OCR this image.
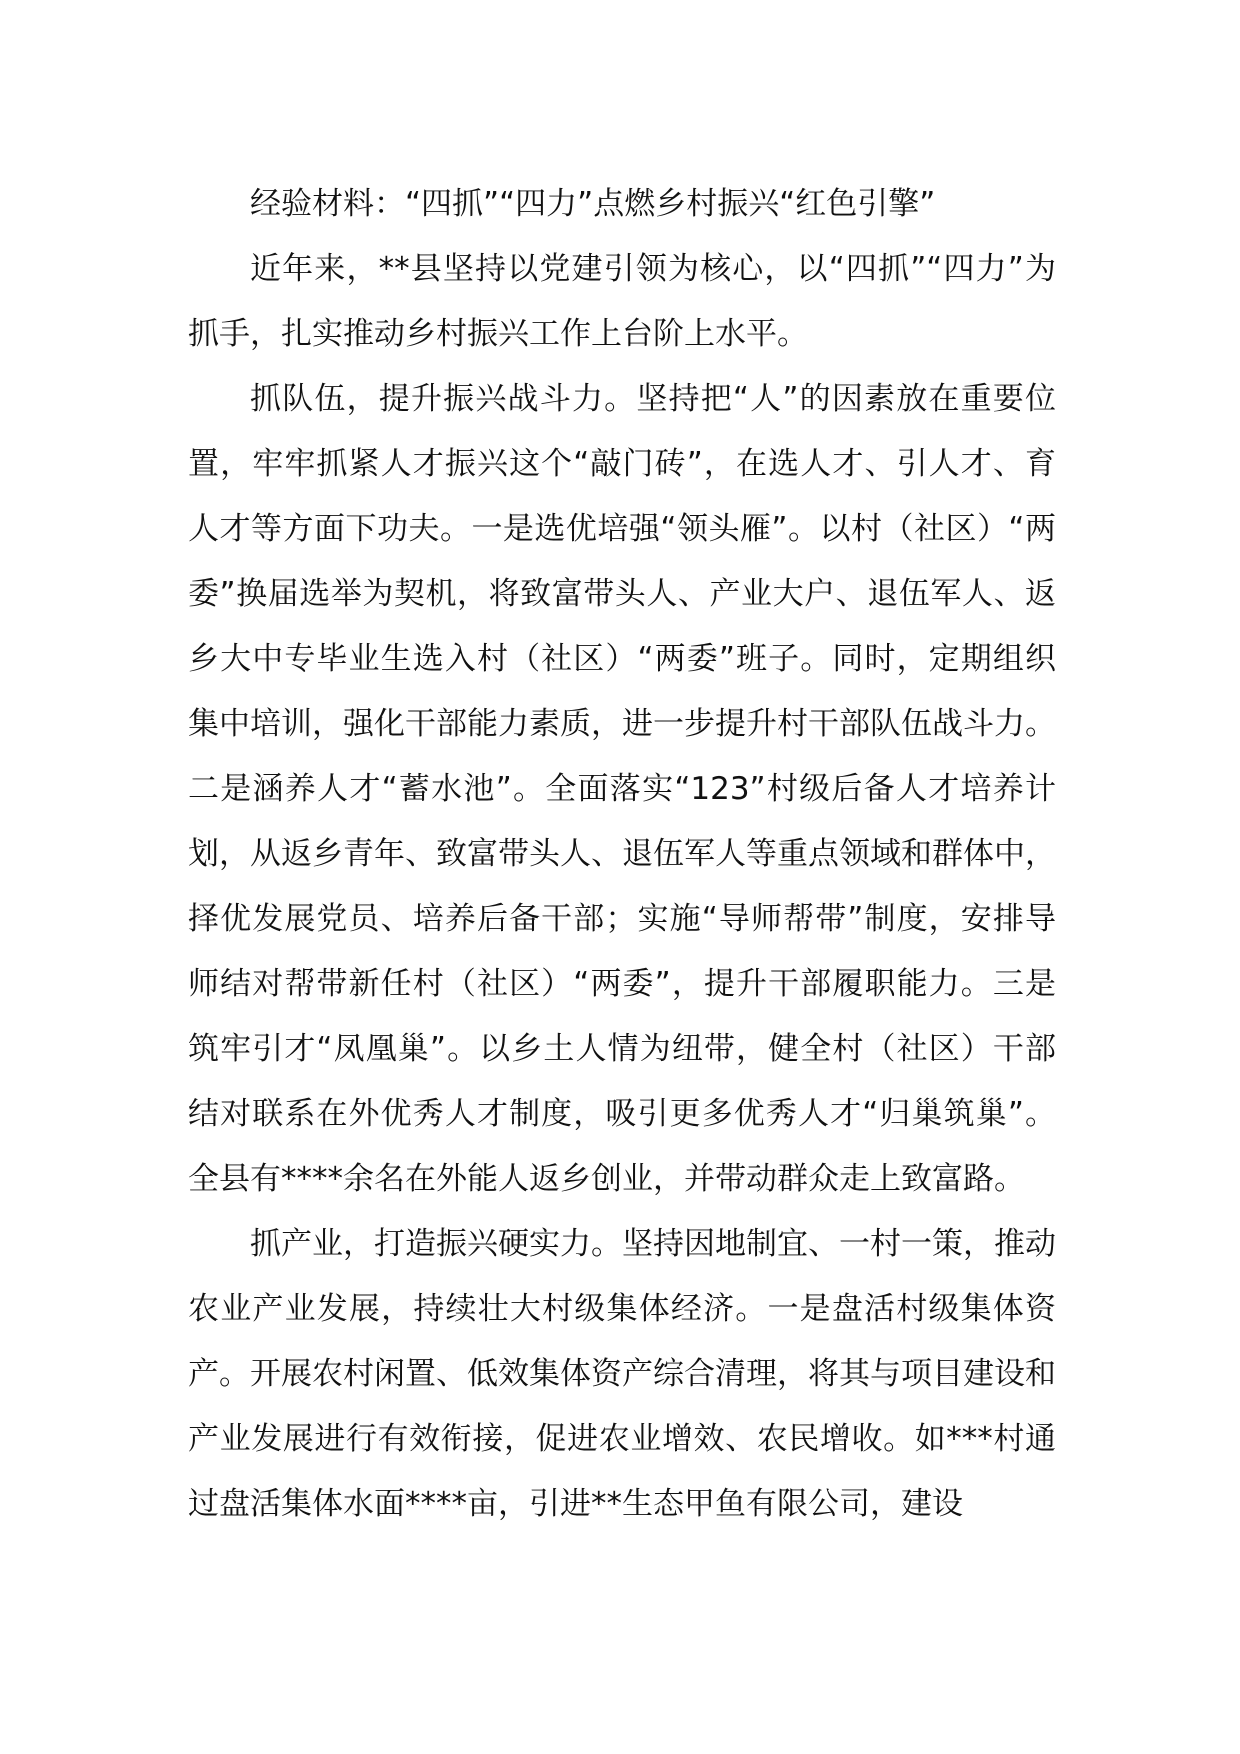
经验材料：“四抓”“四力”点燃乡村振兴“红色引擎”

近年来，**县坚持以党建引领为核心，以“四抓”“四力”为抓手，扎实推动乡村振兴工作上台阶上水平。

抓队伍，提升振兴战斗力。坚持把“人”的因素放在重要位置，牢牢抓紧人才振兴这个“敲门砖”，在选人才、引人才、育人才等方面下功夫。一是选优培强“领头雁”。以村（社区）“两委”换届选举为契机，将致富带头人、产业大户、退伍军人、返乡大中专毕业生选入村（社区）“两委”班子。同时，定期组织集中培训，强化干部能力素质，进一步提升村干部队伍战斗力。二是涵养人才“蓄水池”。全面落实“123”村级后备人才培养计划，从返乡青年、致富带头人、退伍军人等重点领域和群体中，择优发展党员、培养后备干部；实施“导师帮带”制度，安排导师结对帮带新任村（社区）“两委”，提升干部履职能力。三是筑牢引才“凤凰巢”。以乡土人情为纽带，健全村（社区）干部结对联系在外优秀人才制度，吸引更多优秀人才“归巢筑巢”。全县有****余名在外能人返乡创业，并带动群众走上致富路。

抓产业，打造振兴硬实力。坚持因地制宜、一村一策，推动农业产业发展，持续壮大村级集体经济。一是盘活村级集体资产。开展农村闲置、低效集体资产综合清理，将其与项目建设和产业发展进行有效衔接，促进农业增效、农民增收。如***村通过盘活集体水面****亩，引进**生态甲鱼有限公司，建设
